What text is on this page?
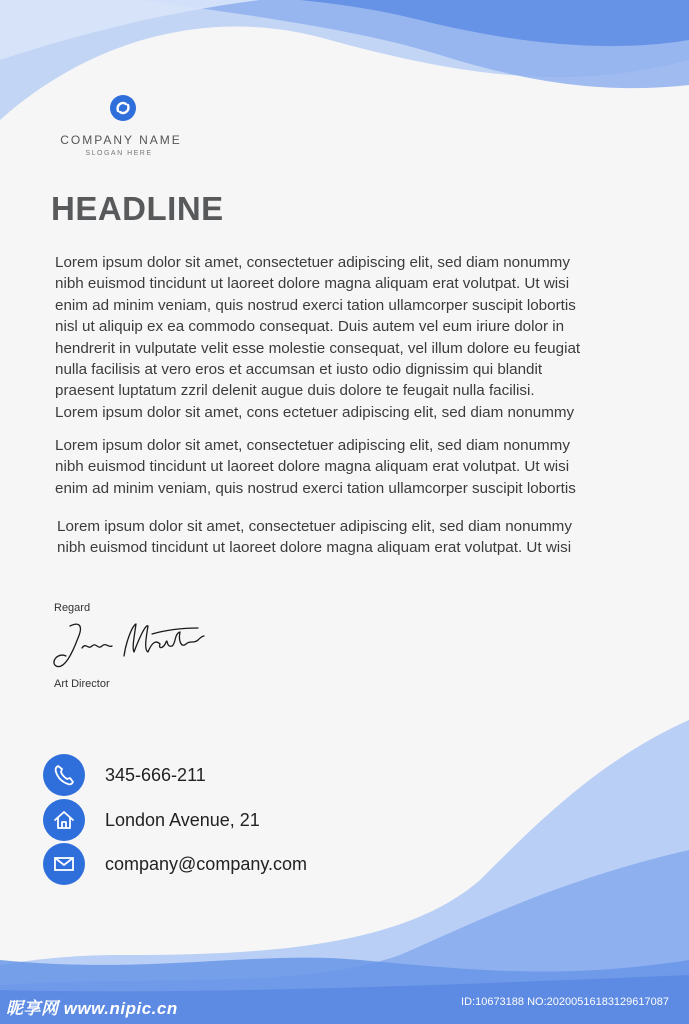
COMPANY NAME
SLOGAN HERE
HEADLINE

Lorem ipsum dolor sit amet, consectetuer adipiscing elit, sed diam nonummy
nibh euismod tincidunt ut laoreet dolore magna aliquam erat volutpat. Ut wisi
enim ad minim veniam, quis nostrud exerci tation ullamcorper suscipit lobortis
nisl ut aliquip ex ea commodo consequat. Duis autem vel eum iriure dolor in
hendrerit in vulputate velit esse molestie consequat, vel illum dolore eu feugiat
nulla facilisis at vero eros et accumsan et iusto odio dignissim qui blandit
praesent luptatum zzril delenit augue duis dolore te feugait nulla facilisi.
Lorem ipsum dolor sit amet, cons ectetuer adipiscing elit, sed diam nonummy

Lorem ipsum dolor sit amet, consectetuer adipiscing elit, sed diam nonummy
nibh euismod tincidunt ut laoreet dolore magna aliquam erat volutpat. Ut wisi
enim ad minim veniam, quis nostrud exerci tation ullamcorper suscipit lobortis

Lorem ipsum dolor sit amet, consectetuer adipiscing elit, sed diam nonummy
nibh euismod tincidunt ut laoreet dolore magna aliquam erat volutpat. Ut wisi

Regard
Art Director
345-666-211
London Avenue, 21
company@company.com
昵享网 www.nipic.cn	ID:10673188 NO:20200516183129617087
